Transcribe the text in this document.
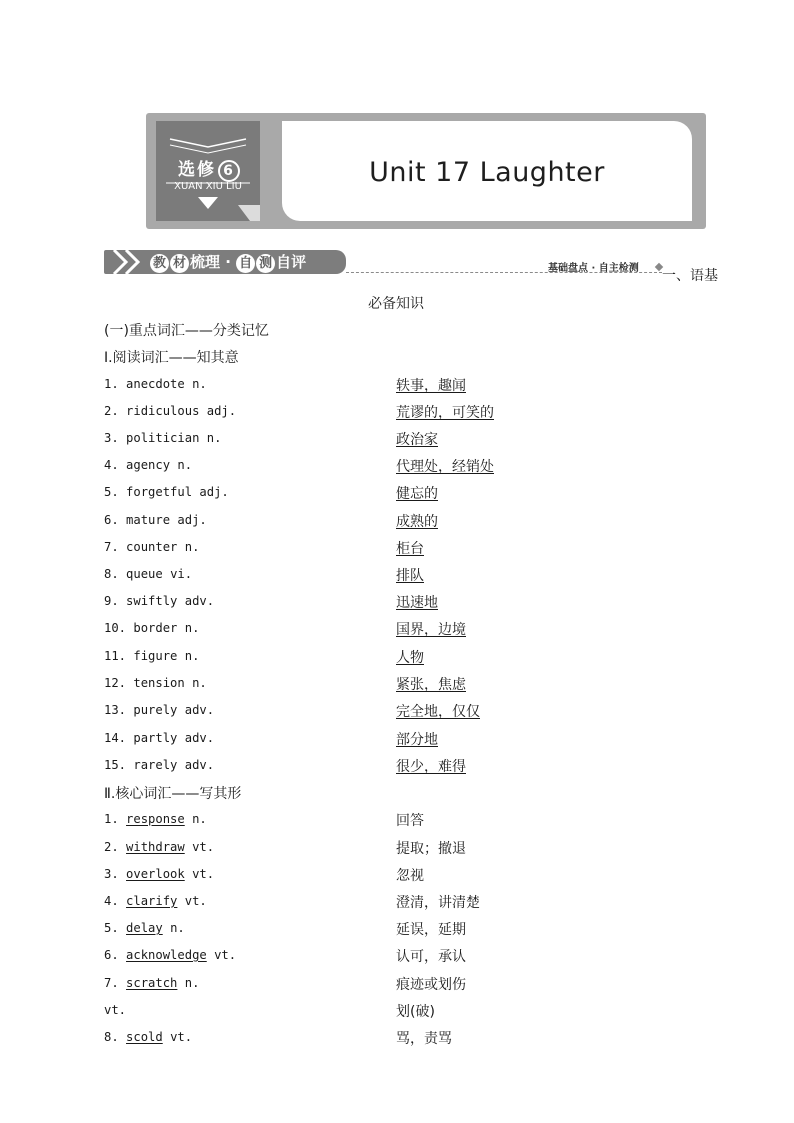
选修 6
XUAN XIU LIU	Unit 17 Laughter
教 材 梳理 · 自 测 自评	基础盘点 · 自主检测 一、语基
必备知识
(一)重点词汇——分类记忆
Ⅰ.阅读词汇——知其意
1. anecdote n.	轶事，趣闻
2. ridiculous adj.	荒谬的，可笑的
3. politician n.	政治家
4. agency n.	代理处，经销处
5. forgetful adj.	健忘的
6. mature adj.	成熟的
7. counter n.	柜台
8. queue vi.	排队
9. swiftly adv.	迅速地
10. border n.	国界，边境
11. figure n.	人物
12. tension n.	紧张，焦虑
13. purely adv.	完全地，仅仅
14. partly adv.	部分地
15. rarely adv.	很少，难得
Ⅱ.核心词汇——写其形
1. response n.	回答
2. withdraw vt.	提取；撤退
3. overlook vt.	忽视
4. clarify vt.	澄清，讲清楚
5. delay n.	延误，延期
6. acknowledge vt.	认可，承认
7. scratch n.	痕迹或划伤
vt.	划(破)
8. scold vt.	骂，责骂
